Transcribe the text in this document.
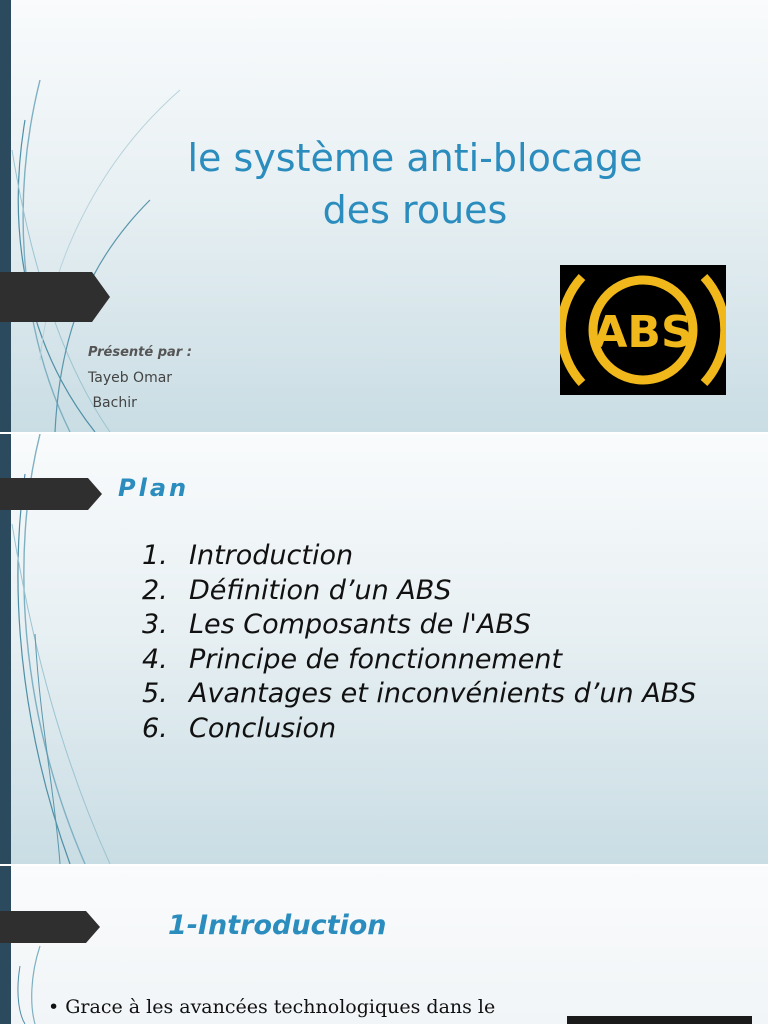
le système anti-blocage
des roues
Présenté par :
Tayeb Omar
Bachir
ABS
Plan
1. Introduction
2. Définition d’un ABS
3. Les Composants de l'ABS
4. Principe de fonctionnement
5. Avantages et inconvénients d’un ABS
6. Conclusion
1-Introduction
• Grace à les avancées technologiques dans le
